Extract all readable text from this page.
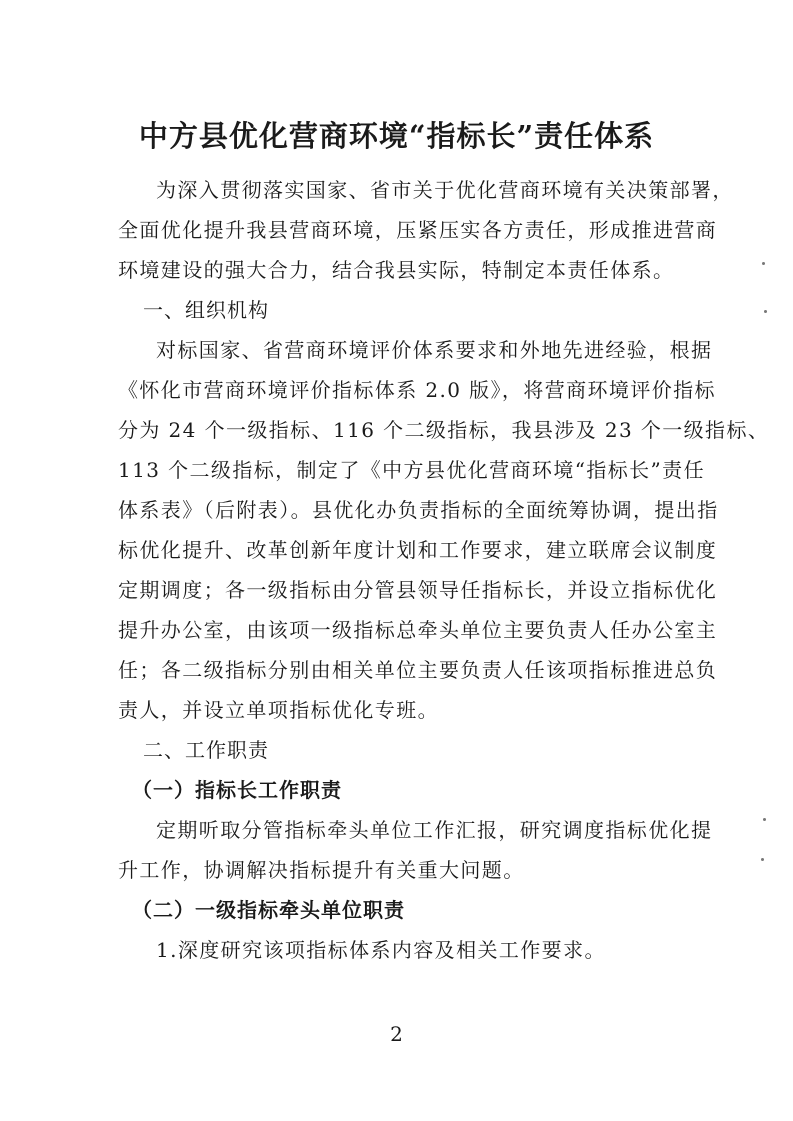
中方县优化营商环境“指标长”责任体系
为深入贯彻落实国家、省市关于优化营商环境有关决策部署，
全面优化提升我县营商环境，压紧压实各方责任，形成推进营商
环境建设的强大合力，结合我县实际，特制定本责任体系。
一、组织机构
对标国家、省营商环境评价体系要求和外地先进经验，根据
《怀化市营商环境评价指标体系 2.0 版》，将营商环境评价指标
分为 24 个一级指标、116 个二级指标，我县涉及 23 个一级指标、
113 个二级指标，制定了《中方县优化营商环境“指标长”责任
体系表》（后附表）。县优化办负责指标的全面统筹协调，提出指
标优化提升、改革创新年度计划和工作要求，建立联席会议制度
定期调度；各一级指标由分管县领导任指标长，并设立指标优化
提升办公室，由该项一级指标总牵头单位主要负责人任办公室主
任；各二级指标分别由相关单位主要负责人任该项指标推进总负
责人，并设立单项指标优化专班。
二、工作职责
（一）指标长工作职责
定期听取分管指标牵头单位工作汇报，研究调度指标优化提
升工作，协调解决指标提升有关重大问题。
（二）一级指标牵头单位职责
1.深度研究该项指标体系内容及相关工作要求。
2
